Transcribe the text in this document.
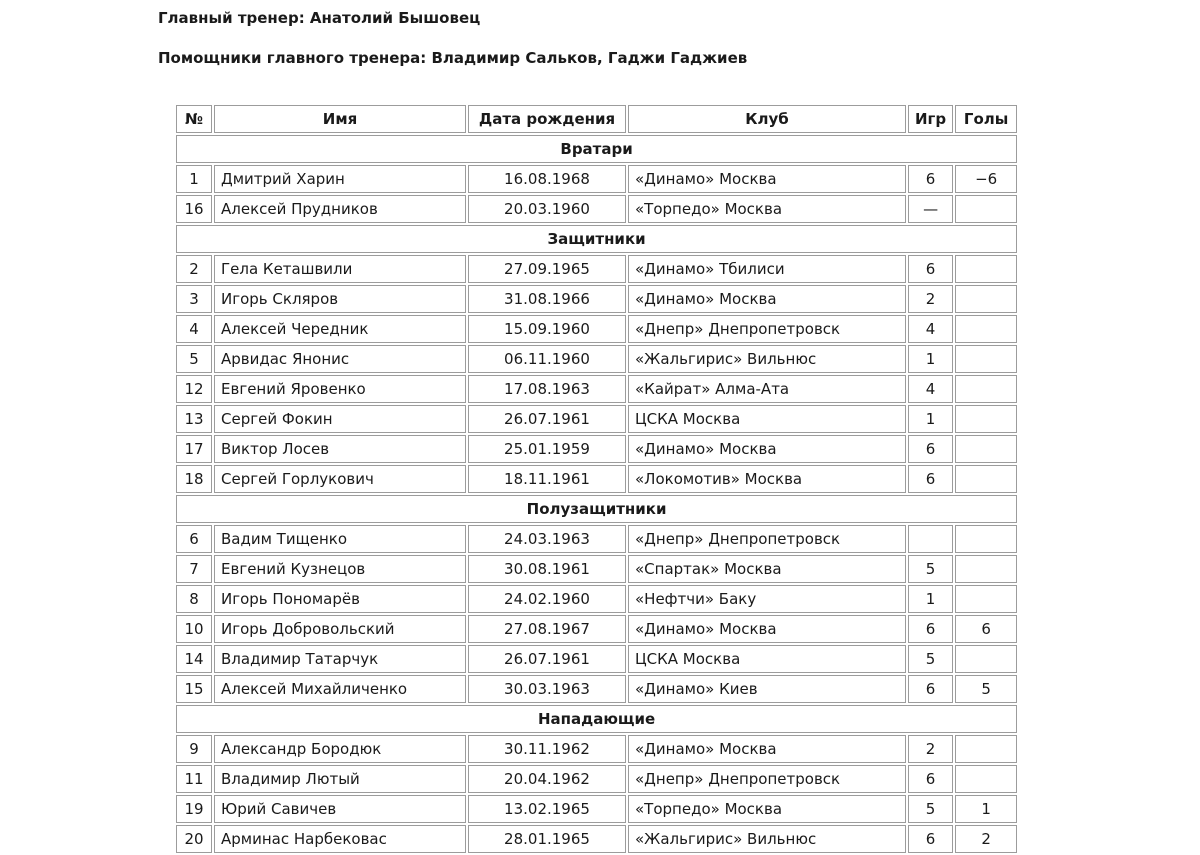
Главный тренер: Анатолий Бышовец

Помощники главного тренера: Владимир Сальков, Гаджи Гаджиев

№	Имя	Дата рождения	Клуб	Игр	Голы
Вратари					
1	Дмитрий Харин	16.08.1968	«Динамо» Москва	6	−6
16	Алексей Прудников	20.03.1960	«Торпедо» Москва	—	
Защитники					
2	Гела Кеташвили	27.09.1965	«Динамо» Тбилиси	6	
3	Игорь Скляров	31.08.1966	«Динамо» Москва	2	
4	Алексей Чередник	15.09.1960	«Днепр» Днепропетровск	4	
5	Арвидас Янонис	06.11.1960	«Жальгирис» Вильнюс	1	
12	Евгений Яровенко	17.08.1963	«Кайрат» Алма-Ата	4	
13	Сергей Фокин	26.07.1961	ЦСКА Москва	1	
17	Виктор Лосев	25.01.1959	«Динамо» Москва	6	
18	Сергей Горлукович	18.11.1961	«Локомотив» Москва	6	
Полузащитники					
6	Вадим Тищенко	24.03.1963	«Днепр» Днепропетровск		
7	Евгений Кузнецов	30.08.1961	«Спартак» Москва	5	
8	Игорь Пономарёв	24.02.1960	«Нефтчи» Баку	1	
10	Игорь Добровольский	27.08.1967	«Динамо» Москва	6	6
14	Владимир Татарчук	26.07.1961	ЦСКА Москва	5	
15	Алексей Михайличенко	30.03.1963	«Динамо» Киев	6	5
Нападающие					
9	Александр Бородюк	30.11.1962	«Динамо» Москва	2	
11	Владимир Лютый	20.04.1962	«Днепр» Днепропетровск	6	
19	Юрий Савичев	13.02.1965	«Торпедо» Москва	5	1
20	Арминас Нарбековас	28.01.1965	«Жальгирис» Вильнюс	6	2
